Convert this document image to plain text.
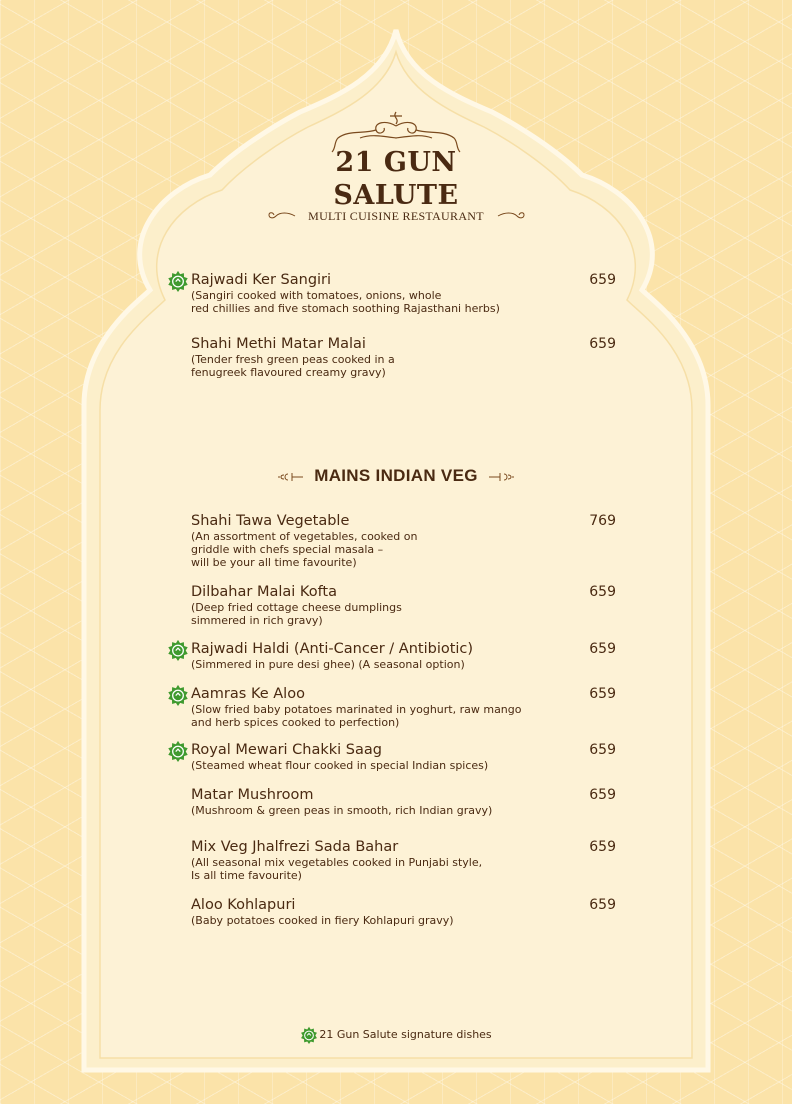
21 GUN
SALUTE
MULTI CUISINE RESTAURANT
Rajwadi Ker Sangiri	659
(Sangiri cooked with tomatoes, onions, whole
red chillies and five stomach soothing Rajasthani herbs)
Shahi Methi Matar Malai	659
(Tender fresh green peas cooked in a
fenugreek flavoured creamy gravy)
MAINS INDIAN VEG
Shahi Tawa Vegetable	769
(An assortment of vegetables, cooked on
griddle with chefs special masala –
will be your all time favourite)
Dilbahar Malai Kofta	659
(Deep fried cottage cheese dumplings
simmered in rich gravy)
Rajwadi Haldi (Anti-Cancer / Antibiotic)	659
(Simmered in pure desi ghee) (A seasonal option)
Aamras Ke Aloo	659
(Slow fried baby potatoes marinated in yoghurt, raw mango
and herb spices cooked to perfection)
Royal Mewari Chakki Saag	659
(Steamed wheat flour cooked in special Indian spices)
Matar Mushroom	659
(Mushroom & green peas in smooth, rich Indian gravy)
Mix Veg Jhalfrezi Sada Bahar	659
(All seasonal mix vegetables cooked in Punjabi style,
Is all time favourite)
Aloo Kohlapuri	659
(Baby potatoes cooked in fiery Kohlapuri gravy)
21 Gun Salute signature dishes
